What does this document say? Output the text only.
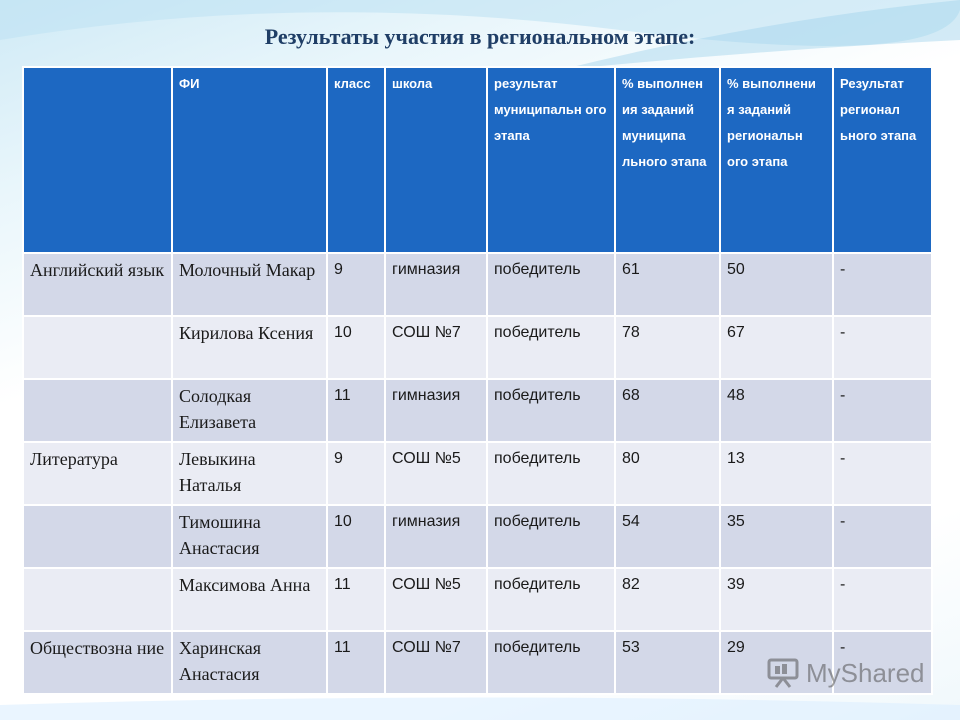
Результаты участия в региональном этапе:
	ФИ	класс	школа	результат муниципальн ого этапа	% выполнен ия заданий муниципа льного этапа	% выполнени я заданий региональн ого этапа	Результат регионал ьного этапа
Английский язык	Молочный Макар	9	гимназия	победитель	61	50	-
	Кирилова Ксения	10	СОШ №7	победитель	78	67	-
	Солодкая Елизавета	11	гимназия	победитель	68	48	-
Литература	Левыкина Наталья	9	СОШ №5	победитель	80	13	-
	Тимошина Анастасия	10	гимназия	победитель	54	35	-
	Максимова Анна	11	СОШ №5	победитель	82	39	-
Обществозна ние	Харинская Анастасия	11	СОШ №7	победитель	53	29	-
MyShared
